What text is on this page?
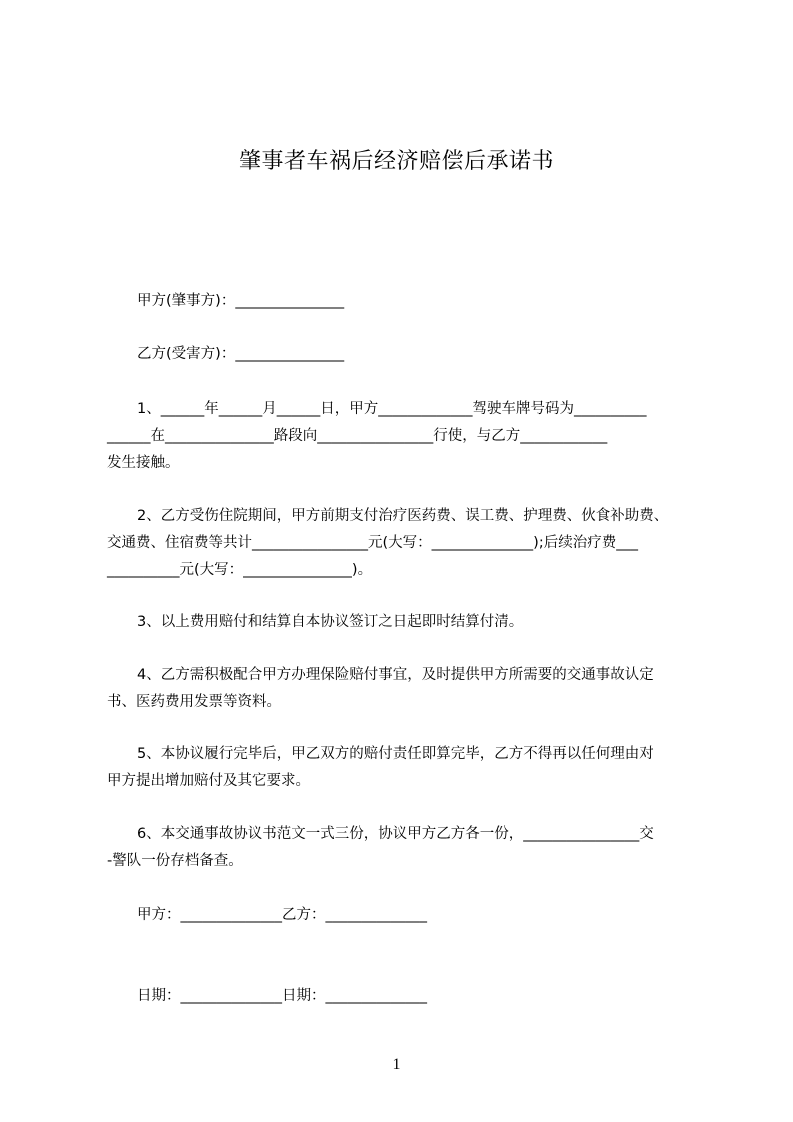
肇事者车祸后经济赔偿后承诺书
甲方(肇事方)：_______________
乙方(受害方)：_______________
1、______年______月______日，甲方_____________驾驶车牌号码为__________
______在_______________路段向________________行使，与乙方____________
发生接触。
2、乙方受伤住院期间，甲方前期支付治疗医药费、误工费、护理费、伙食补助费、
交通费、住宿费等共计________________元(大写：______________);后续治疗费___
__________元(大写：_______________)。
3、以上费用赔付和结算自本协议签订之日起即时结算付清。
4、乙方需积极配合甲方办理保险赔付事宜，及时提供甲方所需要的交通事故认定
书、医药费用发票等资料。
5、本协议履行完毕后，甲乙双方的赔付责任即算完毕，乙方不得再以任何理由对
甲方提出增加赔付及其它要求。
6、本交通事故协议书范文一式三份，协议甲方乙方各一份，________________交
-警队一份存档备查。
甲方：______________乙方：______________
日期：______________日期：______________
1
